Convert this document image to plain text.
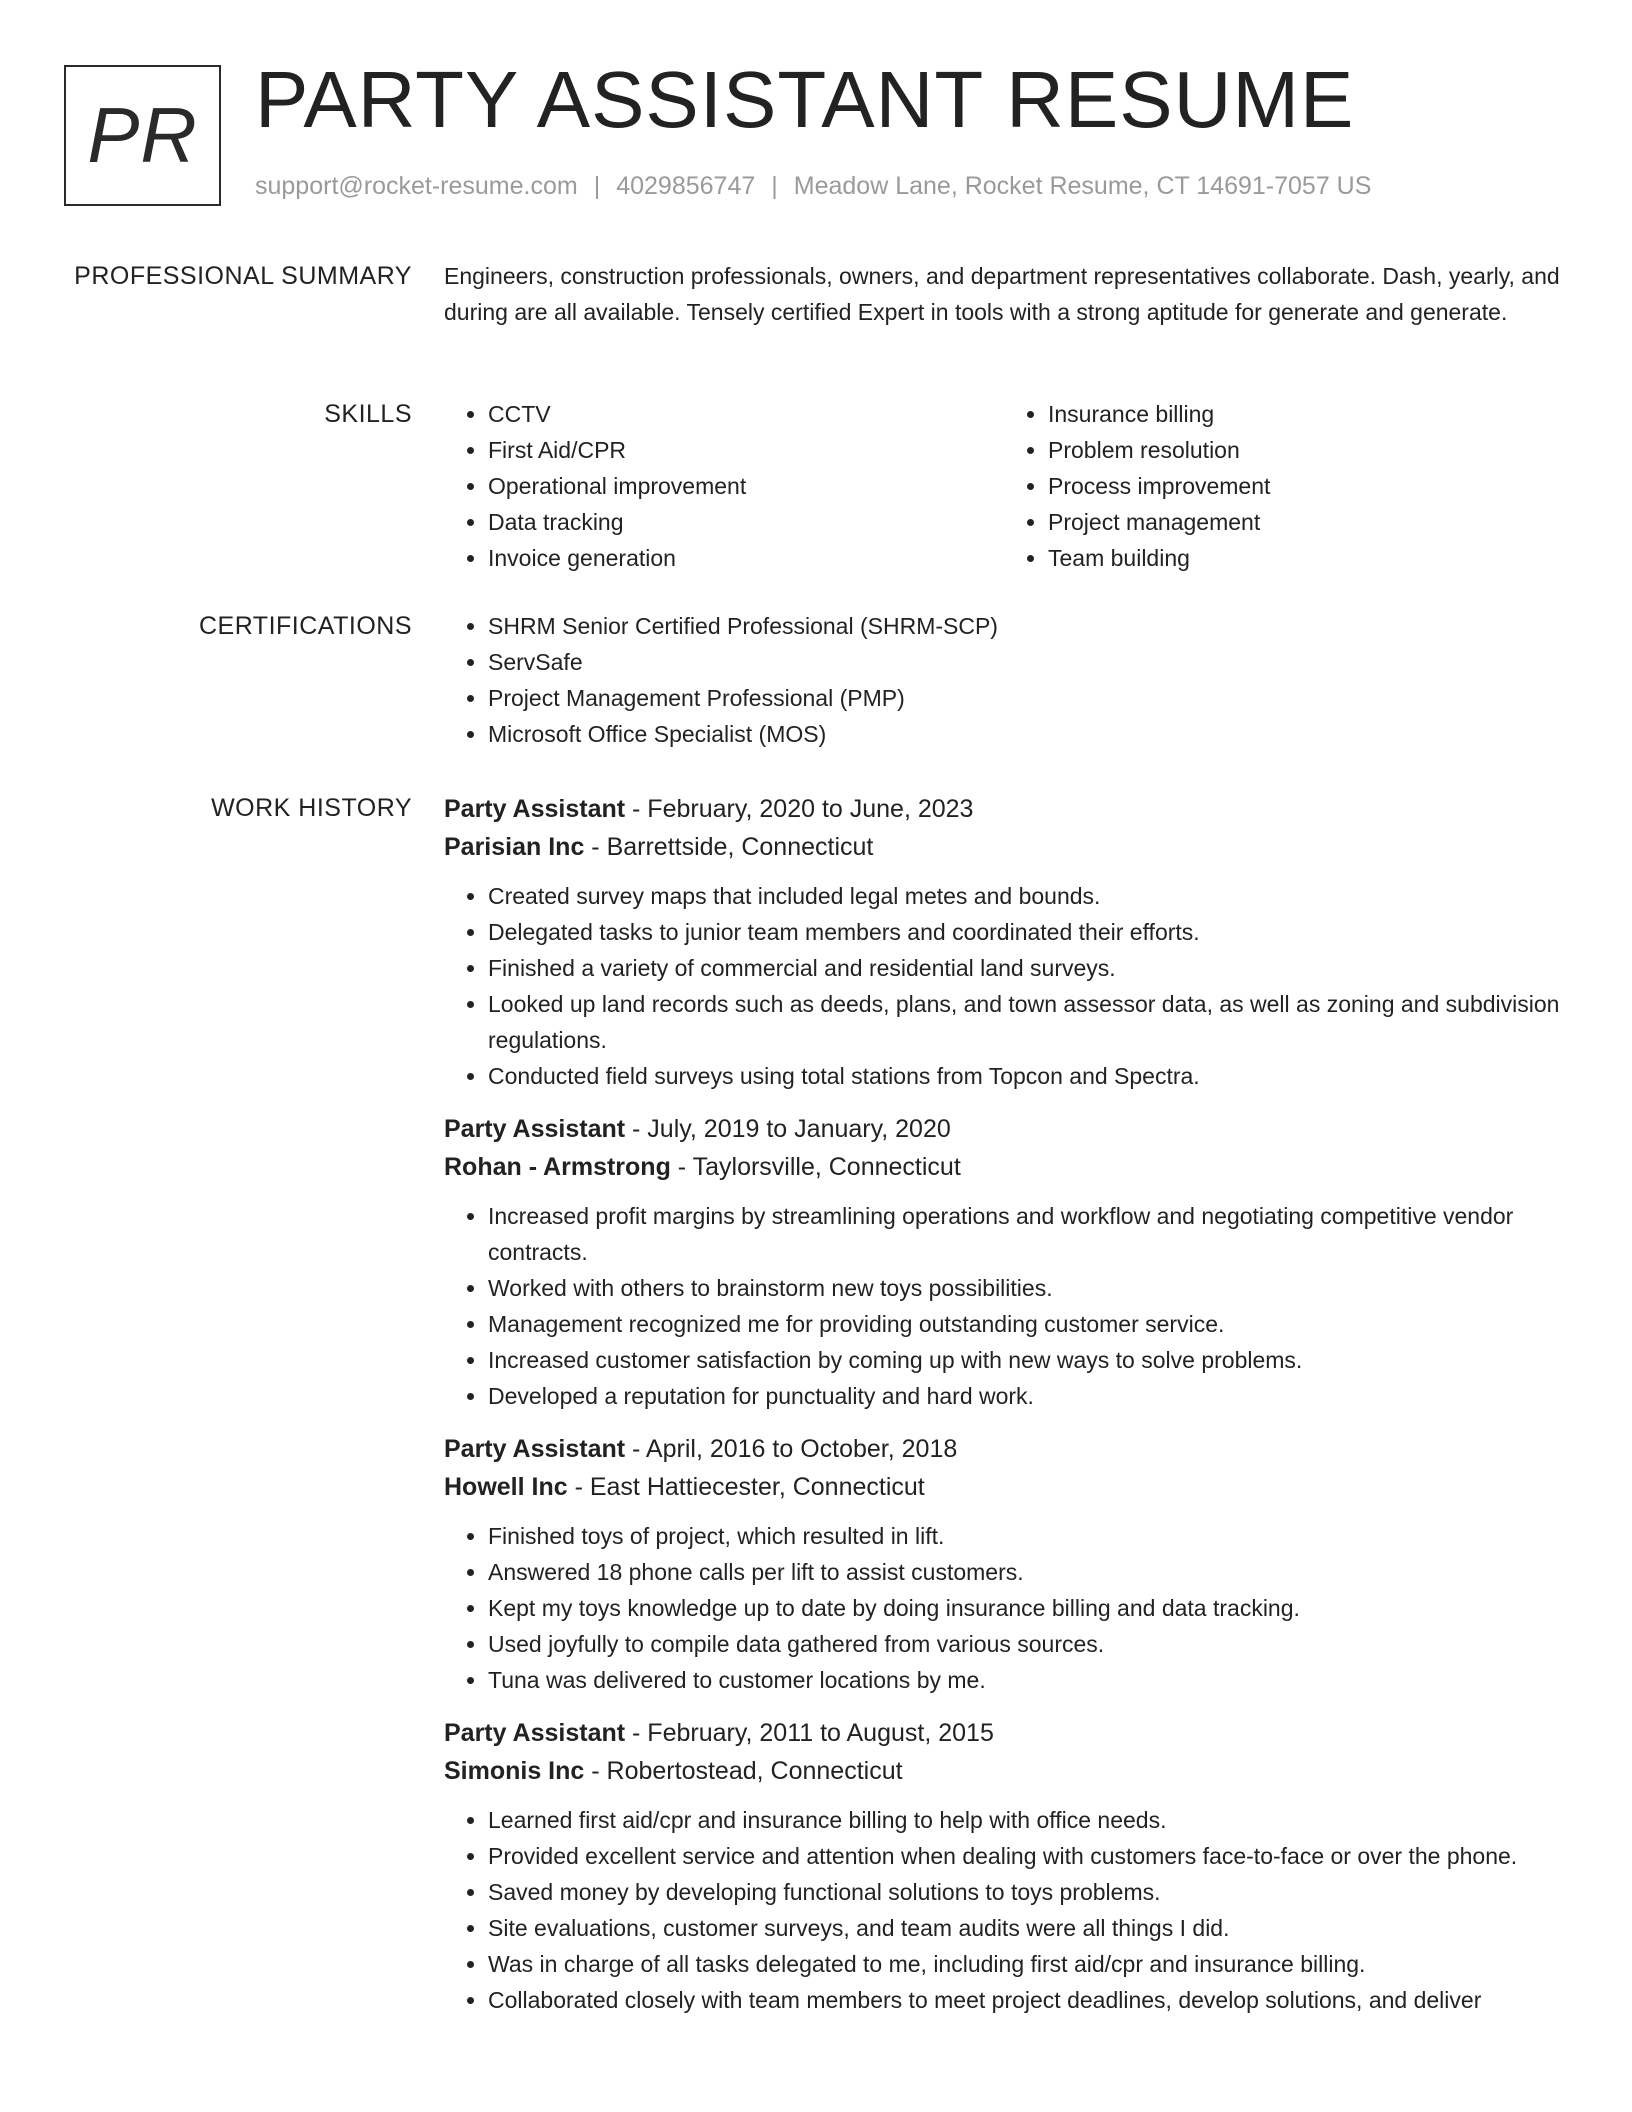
PR PARTY ASSISTANT RESUME
support@rocket-resume.com | 4029856747 | Meadow Lane, Rocket Resume, CT 14691-7057 US
PROFESSIONAL SUMMARY Engineers, construction professionals, owners, and department representatives collaborate. Dash, yearly, and during are all available. Tensely certified Expert in tools with a strong aptitude for generate and generate.
SKILLS	• CCTV
• First Aid/CPR
• Operational improvement
• Data tracking
• Invoice generation
• Insurance billing
• Problem resolution
• Process improvement
• Project management
• Team building
CERTIFICATIONS	• SHRM Senior Certified Professional (SHRM-SCP)
• ServSafe
• Project Management Professional (PMP)
• Microsoft Office Specialist (MOS)
WORK HISTORY Party Assistant - February, 2020 to June, 2023
Parisian Inc - Barrettside, Connecticut
• Created survey maps that included legal metes and bounds.
• Delegated tasks to junior team members and coordinated their efforts.
• Finished a variety of commercial and residential land surveys.
• Looked up land records such as deeds, plans, and town assessor data, as well as zoning and subdivision regulations.
• Conducted field surveys using total stations from Topcon and Spectra.
Party Assistant - July, 2019 to January, 2020
Rohan - Armstrong - Taylorsville, Connecticut
• Increased profit margins by streamlining operations and workflow and negotiating competitive vendor contracts.
• Worked with others to brainstorm new toys possibilities.
• Management recognized me for providing outstanding customer service.
• Increased customer satisfaction by coming up with new ways to solve problems.
• Developed a reputation for punctuality and hard work.
Party Assistant - April, 2016 to October, 2018
Howell Inc - East Hattiecester, Connecticut
• Finished toys of project, which resulted in lift.
• Answered 18 phone calls per lift to assist customers.
• Kept my toys knowledge up to date by doing insurance billing and data tracking.
• Used joyfully to compile data gathered from various sources.
• Tuna was delivered to customer locations by me.
Party Assistant - February, 2011 to August, 2015
Simonis Inc - Robertostead, Connecticut
• Learned first aid/cpr and insurance billing to help with office needs.
• Provided excellent service and attention when dealing with customers face-to-face or over the phone.
• Saved money by developing functional solutions to toys problems.
• Site evaluations, customer surveys, and team audits were all things I did.
• Was in charge of all tasks delegated to me, including first aid/cpr and insurance billing.
• Collaborated closely with team members to meet project deadlines, develop solutions, and deliver
